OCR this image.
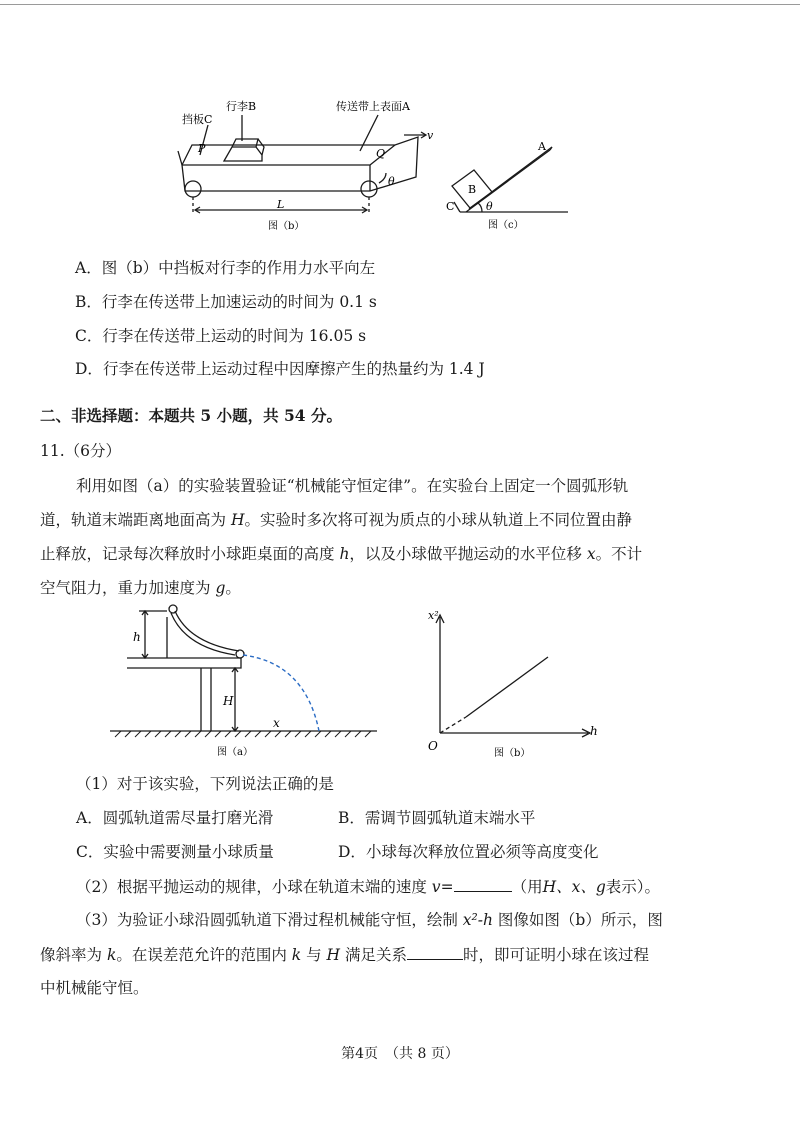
挡板C
行李B	传送带上表面A
v
P	Q
θ
L
图（b）
A
B
C	θ
图（c）
A．图（b）中挡板对行李的作用力水平向左
B．行李在传送带上加速运动的时间为 0.1 s
C．行李在传送带上运动的时间为 16.05 s
D．行李在传送带上运动过程中因摩擦产生的热量约为 1.4 J
二、非选择题：本题共 5 小题，共 54 分。
11.（6分）
利用如图（a）的实验装置验证“机械能守恒定律”。在实验台上固定一个圆弧形轨
道，轨道末端距离地面高为 H。实验时多次将可视为质点的小球从轨道上不同位置由静
止释放，记录每次释放时小球距桌面的高度 h，以及小球做平抛运动的水平位移 x。不计
空气阻力，重力加速度为 g。
h
H
x
图（a）
x²
h
O
图（b）
（1）对于该实验，下列说法正确的是
A．圆弧轨道需尽量打磨光滑	B．需调节圆弧轨道末端水平
C．实验中需要测量小球质量	D．小球每次释放位置必须等高度变化
（2）根据平抛运动的规律，小球在轨道末端的速度 v=	（用H、x、g表示）。
（3）为验证小球沿圆弧轨道下滑过程机械能守恒，绘制 x²-h 图像如图（b）所示，图
像斜率为 k。在误差范允许的范围内 k 与 H 满足关系	时，即可证明小球在该过程
中机械能守恒。
第4页　（共 8 页）
